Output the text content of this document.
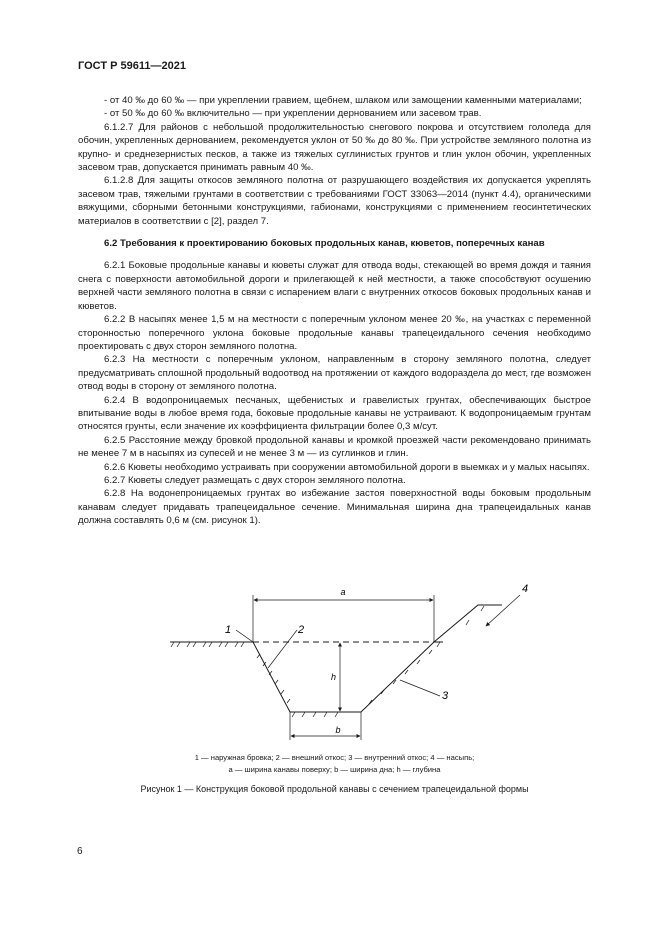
ГОСТ Р 59611—2021

- от 40 ‰ до 60 ‰ — при укреплении гравием, щебнем, шлаком или замощении каменными материалами;

- от 50 ‰ до 60 ‰ включительно — при укреплении дернованием или засевом трав.

6.1.2.7 Для районов с небольшой продолжительностью снегового покрова и отсутствием гололеда для обочин, укрепленных дернованием, рекомендуется уклон от 50 ‰ до 80 ‰. При устройстве земляного полотна из крупно- и среднезернистых песков, а также из тяжелых суглинистых грунтов и глин уклон обочин, укрепленных засевом трав, допускается принимать равным 40 ‰.

6.1.2.8 Для защиты откосов земляного полотна от разрушающего воздействия их допускается укреплять засевом трав, тяжелыми грунтами в соответствии с требованиями ГОСТ 33063—2014 (пункт 4.4), органическими вяжущими, сборными бетонными конструкциями, габионами, конструкциями с применением геосинтетических материалов в соответствии с [2], раздел 7.

6.2 Требования к проектированию боковых продольных канав, кюветов, поперечных канав

6.2.1 Боковые продольные канавы и кюветы служат для отвода воды, стекающей во время дождя и таяния снега с поверхности автомобильной дороги и прилегающей к ней местности, а также способствуют осушению верхней части земляного полотна в связи с испарением влаги с внутренних откосов боковых продольных канав и кюветов.

6.2.2 В насыпях менее 1,5 м на местности с поперечным уклоном менее 20 ‰, на участках с переменной сторонностью поперечного уклона боковые продольные канавы трапецеидального сечения необходимо проектировать с двух сторон земляного полотна.

6.2.3 На местности с поперечным уклоном, направленным в сторону земляного полотна, следует предусматривать сплошной продольный водоотвод на протяжении от каждого водораздела до мест, где возможен отвод воды в сторону от земляного полотна.

6.2.4 В водопроницаемых песчаных, щебенистых и гравелистых грунтах, обеспечивающих быстрое впитывание воды в любое время года, боковые продольные канавы не устраивают. К водопроницаемым грунтам относятся грунты, если значение их коэффициента фильтрации более 0,3 м/сут.

6.2.5 Расстояние между бровкой продольной канавы и кромкой проезжей части рекомендовано принимать не менее 7 м в насыпях из супесей и не менее 3 м — из суглинков и глин.

6.2.6 Кюветы необходимо устраивать при сооружении автомобильной дороги в выемках и у малых насыпях.

6.2.7 Кюветы следует размещать с двух сторон земляного полотна.

6.2.8 На водонепроницаемых грунтах во избежание застоя поверхностной воды боковым продольным канавам следует придавать трапецеидальное сечение. Минимальная ширина дна трапецеидальных канав должна составлять 0,6 м (см. рисунок 1).

a
h
b
1	2
3
4
1 — наружная бровка; 2 — внешний откос; 3 — внутренний откос; 4 — насыпь;
a — ширина канавы поверху; b — ширина дна; h — глубина
Рисунок 1 — Конструкция боковой продольной канавы с сечением трапецеидальной формы
6
